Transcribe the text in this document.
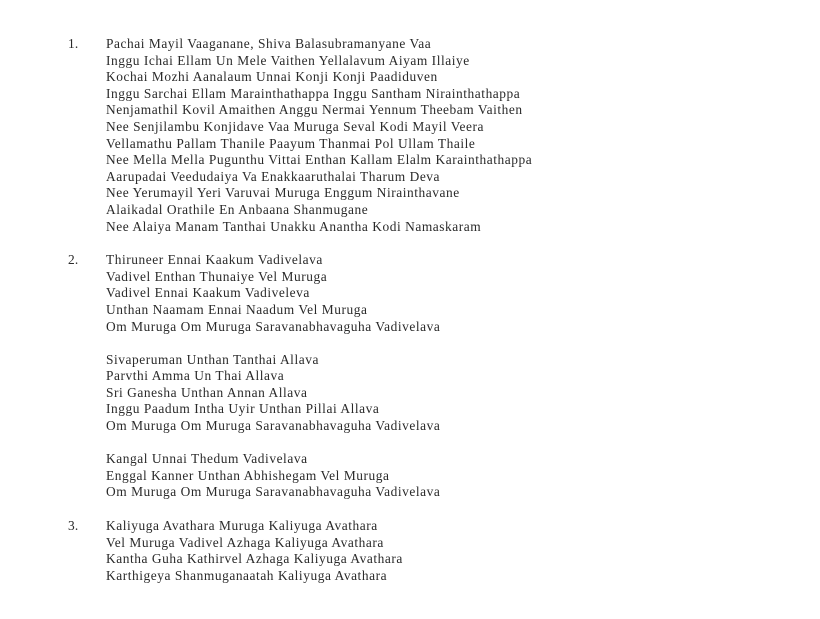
1. Pachai Mayil Vaaganane, Shiva Balasubramanyane Vaa
Inggu Ichai Ellam Un Mele Vaithen Yellalavum Aiyam Illaiye
Kochai Mozhi Aanalaum Unnai Konji Konji Paadiduven
Inggu Sarchai Ellam Marainthathappa Inggu Santham Nirainthathappa
Nenjamathil Kovil Amaithen Anggu Nermai Yennum Theebam Vaithen
Nee Senjilambu Konjidave Vaa Muruga Seval Kodi Mayil Veera
Vellamathu Pallam Thanile Paayum Thanmai Pol Ullam Thaile
Nee Mella Mella Pugunthu Vittai Enthan Kallam Elalm Karainthathappa
Aarupadai Veedudaiya Va Enakkaaruthalai Tharum Deva
Nee Yerumayil Yeri Varuvai Muruga Enggum Nirainthavane
Alaikadal Orathile En Anbaana Shanmugane
Nee Alaiya Manam Tanthai Unakku Anantha Kodi Namaskaram
2. Thiruneer Ennai Kaakum Vadivelava
Vadivel Enthan Thunaiye Vel Muruga
Vadivel Ennai Kaakum Vadiveleva
Unthan Naamam Ennai Naadum Vel Muruga
Om Muruga Om Muruga Saravanabhavaguha Vadivelava
Sivaperuman Unthan Tanthai Allava
Parvthi Amma Un Thai Allava
Sri Ganesha Unthan Annan Allava
Inggu Paadum Intha Uyir Unthan Pillai Allava
Om Muruga Om Muruga Saravanabhavaguha Vadivelava
Kangal Unnai Thedum Vadivelava
Enggal Kanner Unthan Abhishegam Vel Muruga
Om Muruga Om Muruga Saravanabhavaguha Vadivelava
3. Kaliyuga Avathara Muruga Kaliyuga Avathara
Vel Muruga Vadivel Azhaga Kaliyuga Avathara
Kantha Guha Kathirvel Azhaga Kaliyuga Avathara
Karthigeya Shanmuganaatah Kaliyuga Avathara
